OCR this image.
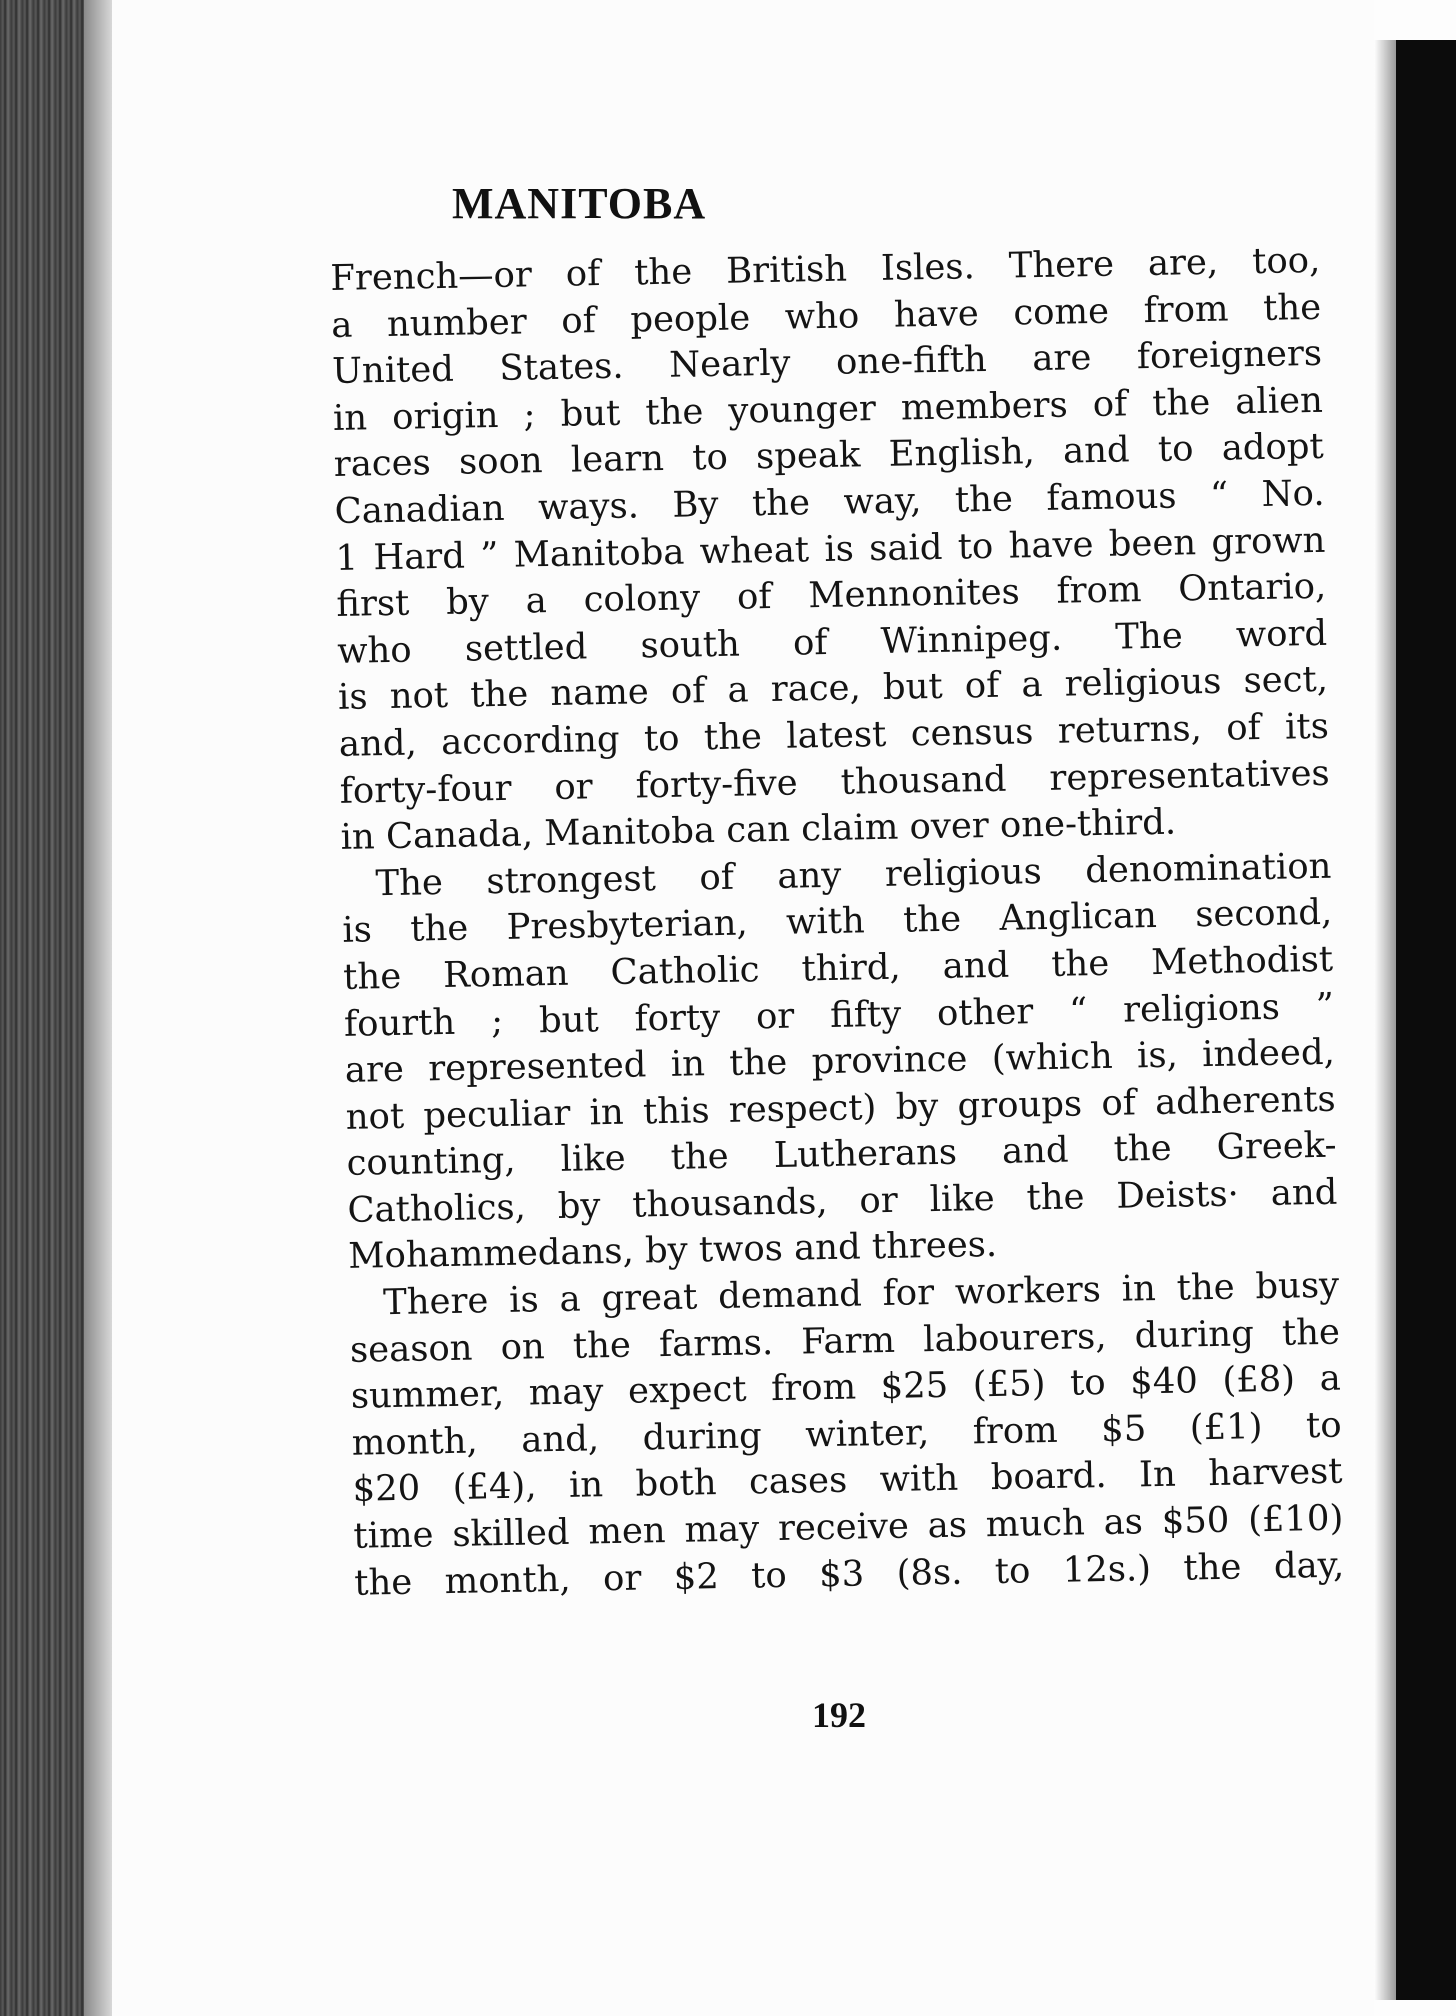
MANITOBA

French—or of the British Isles. There are, too,
a number of people who have come from the
United States. Nearly one-fifth are foreigners
in origin ; but the younger members of the alien
races soon learn to speak English, and to adopt
Canadian ways. By the way, the famous “ No.
1 Hard ” Manitoba wheat is said to have been grown
first by a colony of Mennonites from Ontario,
who settled south of Winnipeg. The word
is not the name of a race, but of a religious sect,
and, according to the latest census returns, of its
forty-four or forty-five thousand representatives
in Canada, Manitoba can claim over one-third.

The strongest of any religious denomination
is the Presbyterian, with the Anglican second,
the Roman Catholic third, and the Methodist
fourth ; but forty or fifty other “ religions ”
are represented in the province (which is, indeed,
not peculiar in this respect) by groups of adherents
counting, like the Lutherans and the Greek-
Catholics, by thousands, or like the Deists· and
Mohammedans, by twos and threes.

There is a great demand for workers in the busy
season on the farms. Farm labourers, during the
summer, may expect from $25 (£5) to $40 (£8) a
month, and, during winter, from $5 (£1) to
$20 (£4), in both cases with board. In harvest
time skilled men may receive as much as $50 (£10)
the month, or $2 to $3 (8s. to 12s.) the day,

192
